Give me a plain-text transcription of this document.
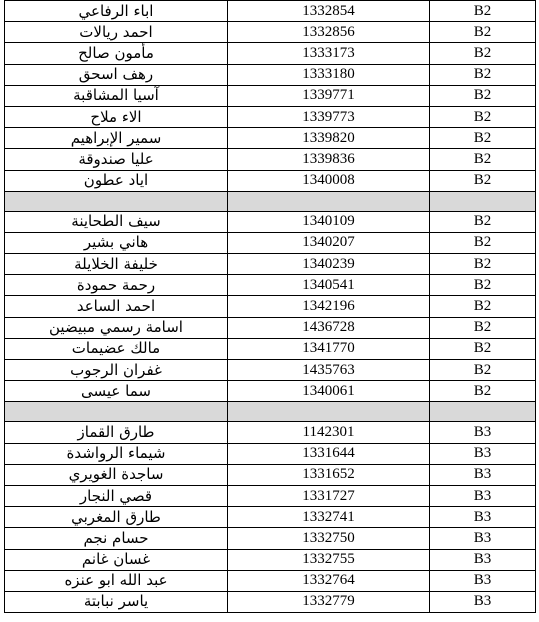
اباء الرفاعي	1332854	B2
احمد ريالات	1332856	B2
مأمون صالح	1333173	B2
رهف اسحق	1333180	B2
آسيا المشاقبة	1339771	B2
الاء ملاح	1339773	B2
سمير الإبراهيم	1339820	B2
عليا صندوقة	1339836	B2
اياد عطون	1340008	B2

سيف الطحاينة	1340109	B2
هاني بشير	1340207	B2
خليفة الخلايلة	1340239	B2
رحمة حمودة	1340541	B2
احمد الساعد	1342196	B2
اسامة رسمي مبيضين	1436728	B2
مالك عضيمات	1341770	B2
غفران الرجوب	1435763	B2
سما عيسى	1340061	B2

طارق القماز	1142301	B3
شيماء الرواشدة	1331644	B3
ساجدة الغويري	1331652	B3
قصي النجار	1331727	B3
طارق المغربي	1332741	B3
حسام نجم	1332750	B3
غسان غانم	1332755	B3
عبد الله ابو عنزه	1332764	B3
ياسر نبابتة	1332779	B3
